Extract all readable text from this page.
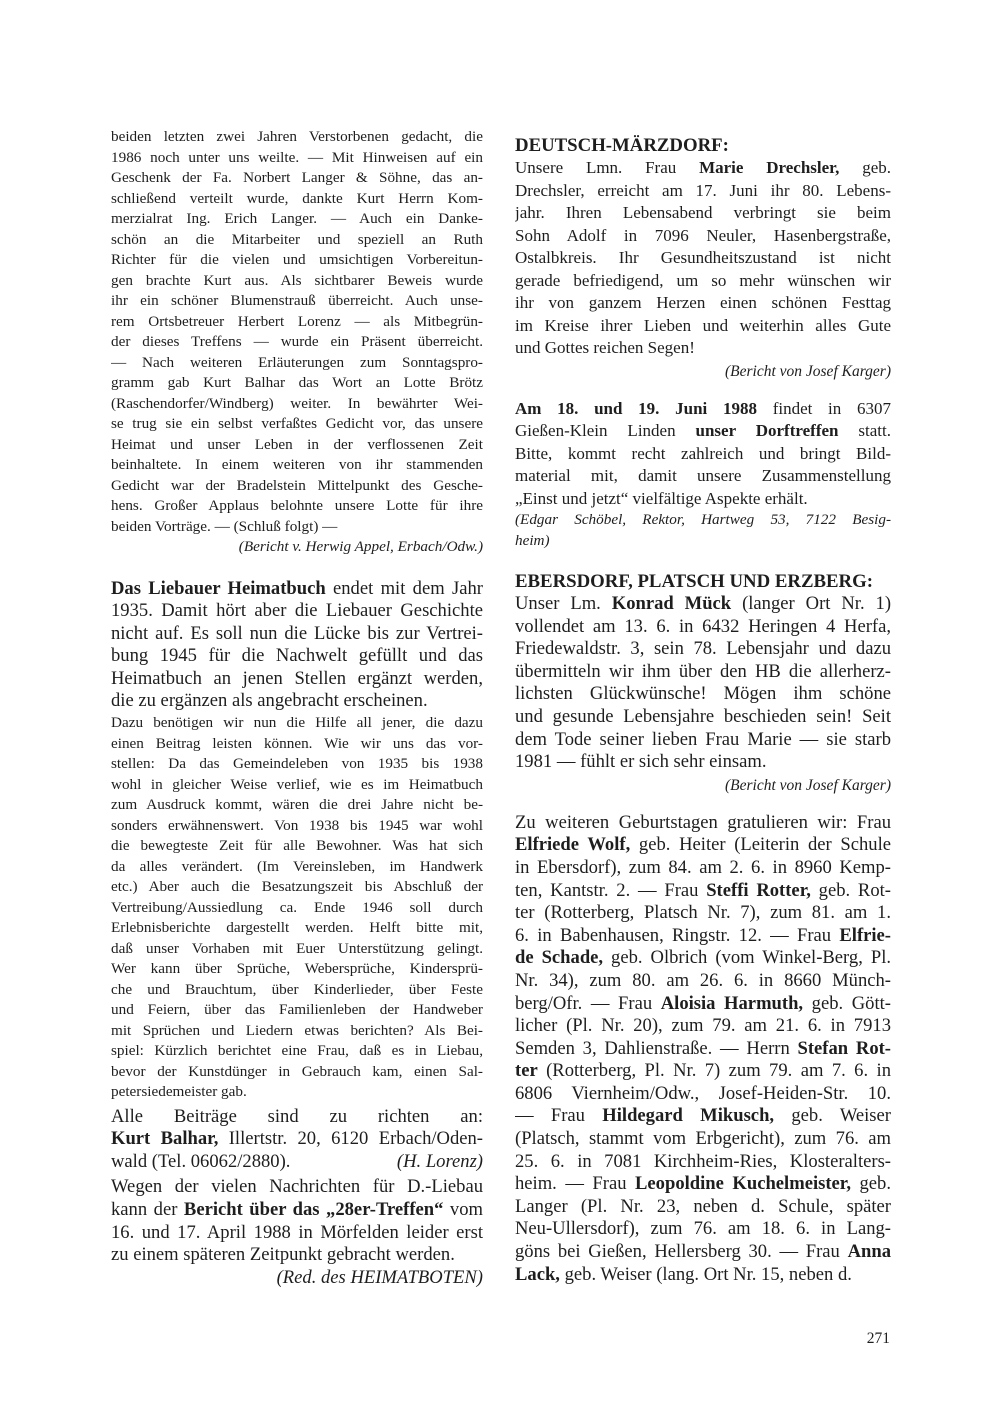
beiden letzten zwei Jahren Verstorbenen gedacht, die
1986 noch unter uns weilte. — Mit Hinweisen auf ein
Geschenk der Fa. Norbert Langer & Söhne, das an-
schließend verteilt wurde, dankte Kurt Herrn Kom-
merzialrat Ing. Erich Langer. — Auch ein Danke-
schön an die Mitarbeiter und speziell an Ruth
Richter für die vielen und umsichtigen Vorbereitun-
gen brachte Kurt aus. Als sichtbarer Beweis wurde
ihr ein schöner Blumenstrauß überreicht. Auch unse-
rem Ortsbetreuer Herbert Lorenz — als Mitbegrün-
der dieses Treffens — wurde ein Präsent überreicht.
— Nach weiteren Erläuterungen zum Sonntagspro-
gramm gab Kurt Balhar das Wort an Lotte Brötz
(Raschendorfer/Windberg) weiter. In bewährter Wei-
se trug sie ein selbst verfaßtes Gedicht vor, das unsere
Heimat und unser Leben in der verflossenen Zeit
beinhaltete. In einem weiteren von ihr stammenden
Gedicht war der Bradelstein Mittelpunkt des Gesche-
hens. Großer Applaus belohnte unsere Lotte für ihre
beiden Vorträge. — (Schluß folgt) —
(Bericht v. Herwig Appel, Erbach/Odw.)
Das Liebauer Heimatbuch endet mit dem Jahr
1935. Damit hört aber die Liebauer Geschichte
nicht auf. Es soll nun die Lücke bis zur Vertrei-
bung 1945 für die Nachwelt gefüllt und das
Heimatbuch an jenen Stellen ergänzt werden,
die zu ergänzen als angebracht erscheinen.
Dazu benötigen wir nun die Hilfe all jener, die dazu
einen Beitrag leisten können. Wie wir uns das vor-
stellen: Da das Gemeindeleben von 1935 bis 1938
wohl in gleicher Weise verlief, wie es im Heimatbuch
zum Ausdruck kommt, wären die drei Jahre nicht be-
sonders erwähnenswert. Von 1938 bis 1945 war wohl
die bewegteste Zeit für alle Bewohner. Was hat sich
da alles verändert. (Im Vereinsleben, im Handwerk
etc.) Aber auch die Besatzungszeit bis Abschluß der
Vertreibung/Aussiedlung ca. Ende 1946 soll durch
Erlebnisberichte dargestellt werden. Helft bitte mit,
daß unser Vorhaben mit Euer Unterstützung gelingt.
Wer kann über Sprüche, Webersprüche, Kindersprü-
che und Brauchtum, über Kinderlieder, über Feste
und Feiern, über das Familienleben der Handweber
mit Sprüchen und Liedern etwas berichten? Als Bei-
spiel: Kürzlich berichtet eine Frau, daß es in Liebau,
bevor der Kunstdünger in Gebrauch kam, einen Sal-
petersiedemeister gab.
Alle Beiträge sind zu richten an:
Kurt Balhar, Illertstr. 20, 6120 Erbach/Oden-
wald (Tel. 06062/2880).	(H. Lorenz)
Wegen der vielen Nachrichten für D.-Liebau
kann der Bericht über das „28er-Treffen“ vom
16. und 17. April 1988 in Mörfelden leider erst
zu einem späteren Zeitpunkt gebracht werden.
(Red. des HEIMATBOTEN)
DEUTSCH-MÄRZDORF:
Unsere Lmn. Frau Marie Drechsler, geb.
Drechsler, erreicht am 17. Juni ihr 80. Lebens-
jahr. Ihren Lebensabend verbringt sie beim
Sohn Adolf in 7096 Neuler, Hasenbergstraße,
Ostalbkreis. Ihr Gesundheitszustand ist nicht
gerade befriedigend, um so mehr wünschen wir
ihr von ganzem Herzen einen schönen Festtag
im Kreise ihrer Lieben und weiterhin alles Gute
und Gottes reichen Segen!
(Bericht von Josef Karger)
Am 18. und 19. Juni 1988 findet in 6307
Gießen-Klein Linden unser Dorftreffen statt.
Bitte, kommt recht zahlreich und bringt Bild-
material mit, damit unsere Zusammenstellung
„Einst und jetzt“ vielfältige Aspekte erhält.
(Edgar Schöbel, Rektor, Hartweg 53, 7122 Besig-
heim)
EBERSDORF, PLATSCH UND ERZBERG:
Unser Lm. Konrad Mück (langer Ort Nr. 1)
vollendet am 13. 6. in 6432 Heringen 4 Herfa,
Friedewaldstr. 3, sein 78. Lebensjahr und dazu
übermitteln wir ihm über den HB die allerherz-
lichsten Glückwünsche! Mögen ihm schöne
und gesunde Lebensjahre beschieden sein! Seit
dem Tode seiner lieben Frau Marie — sie starb
1981 — fühlt er sich sehr einsam.
(Bericht von Josef Karger)
Zu weiteren Geburtstagen gratulieren wir: Frau
Elfriede Wolf, geb. Heiter (Leiterin der Schule
in Ebersdorf), zum 84. am 2. 6. in 8960 Kemp-
ten, Kantstr. 2. — Frau Steffi Rotter, geb. Rot-
ter (Rotterberg, Platsch Nr. 7), zum 81. am 1.
6. in Babenhausen, Ringstr. 12. — Frau Elfrie-
de Schade, geb. Olbrich (vom Winkel-Berg, Pl.
Nr. 34), zum 80. am 26. 6. in 8660 Münch-
berg/Ofr. — Frau Aloisia Harmuth, geb. Gött-
licher (Pl. Nr. 20), zum 79. am 21. 6. in 7913
Semden 3, Dahlienstraße. — Herrn Stefan Rot-
ter (Rotterberg, Pl. Nr. 7) zum 79. am 7. 6. in
6806 Viernheim/Odw., Josef-Heiden-Str. 10.
— Frau Hildegard Mikusch, geb. Weiser
(Platsch, stammt vom Erbgericht), zum 76. am
25. 6. in 7081 Kirchheim-Ries, Klosteralters-
heim. — Frau Leopoldine Kuchelmeister, geb.
Langer (Pl. Nr. 23, neben d. Schule, später
Neu-Ullersdorf), zum 76. am 18. 6. in Lang-
göns bei Gießen, Hellersberg 30. — Frau Anna
Lack, geb. Weiser (lang. Ort Nr. 15, neben d.
271
